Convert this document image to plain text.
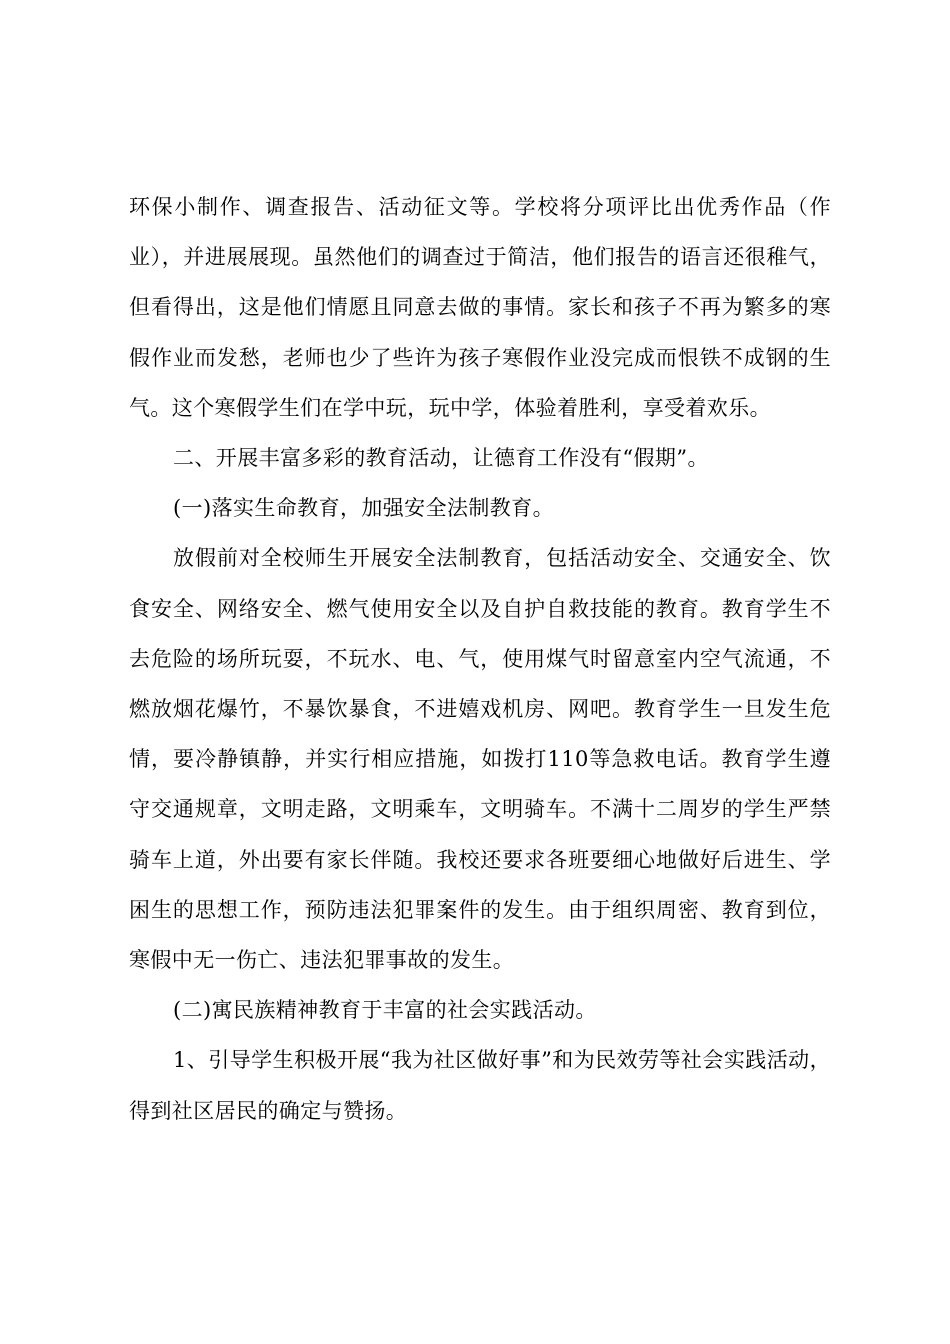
环保小制作、调查报告、活动征文等。学校将分项评比出优秀作品（作业），并进展展现。虽然他们的调查过于简洁，他们报告的语言还很稚气，但看得出，这是他们情愿且同意去做的事情。家长和孩子不再为繁多的寒假作业而发愁，老师也少了些许为孩子寒假作业没完成而恨铁不成钢的生气。这个寒假学生们在学中玩，玩中学，体验着胜利，享受着欢乐。

二、开展丰富多彩的教育活动，让德育工作没有“假期”。

(一)落实生命教育，加强安全法制教育。

放假前对全校师生开展安全法制教育，包括活动安全、交通安全、饮食安全、网络安全、燃气使用安全以及自护自救技能的教育。教育学生不去危险的场所玩耍，不玩水、电、气，使用煤气时留意室内空气流通，不燃放烟花爆竹，不暴饮暴食，不进嬉戏机房、网吧。教育学生一旦发生危情，要冷静镇静，并实行相应措施，如拨打110等急救电话。教育学生遵守交通规章，文明走路，文明乘车，文明骑车。不满十二周岁的学生严禁骑车上道，外出要有家长伴随。我校还要求各班要细心地做好后进生、学困生的思想工作，预防违法犯罪案件的发生。由于组织周密、教育到位，寒假中无一伤亡、违法犯罪事故的发生。

(二)寓民族精神教育于丰富的社会实践活动。

1、引导学生积极开展“我为社区做好事”和为民效劳等社会实践活动，得到社区居民的确定与赞扬。
